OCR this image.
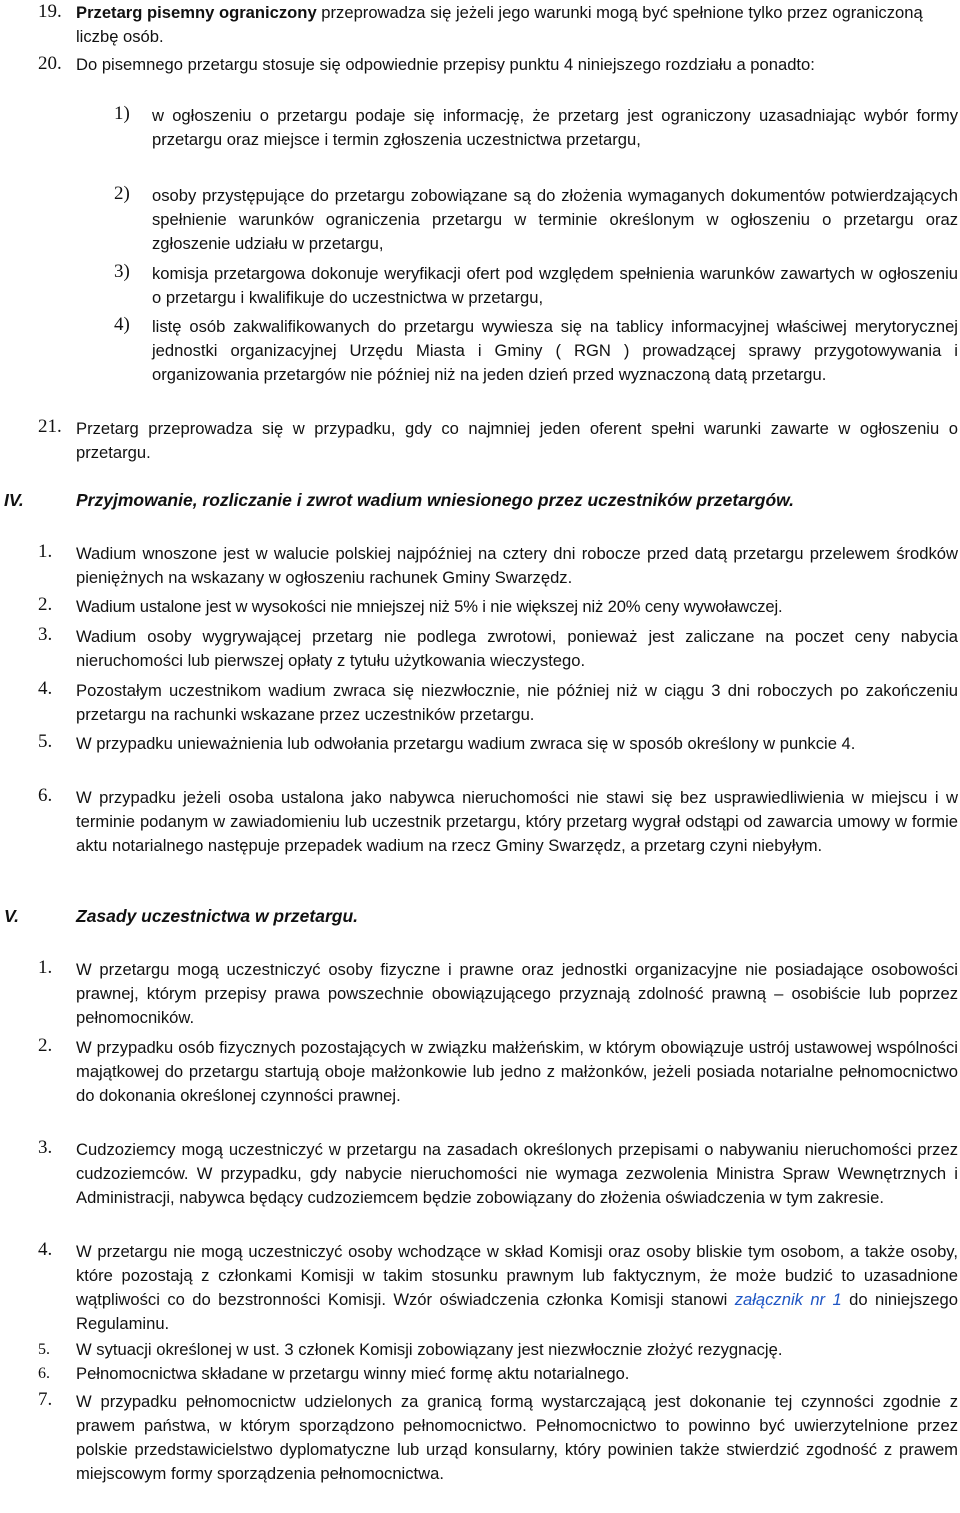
19. Przetarg pisemny ograniczony przeprowadza się jeżeli jego warunki mogą być spełnione tylko przez ograniczoną liczbę osób.
20. Do pisemnego przetargu stosuje się odpowiednie przepisy punktu 4 niniejszego rozdziału a ponadto:
1) w ogłoszeniu o przetargu podaje się informację, że przetarg jest ograniczony uzasadniając wybór formy przetargu oraz miejsce i termin zgłoszenia uczestnictwa przetargu,
2) osoby przystępujące do przetargu zobowiązane są do złożenia wymaganych dokumentów potwierdzających spełnienie warunków ograniczenia przetargu w terminie określonym w ogłoszeniu o przetargu oraz zgłoszenie udziału w przetargu,
3) komisja przetargowa dokonuje weryfikacji ofert pod względem spełnienia warunków zawartych w ogłoszeniu o przetargu i kwalifikuje do uczestnictwa w przetargu,
4) listę osób zakwalifikowanych do przetargu wywiesza się na tablicy informacyjnej właściwej merytorycznej jednostki organizacyjnej Urzędu Miasta i Gminy ( RGN ) prowadzącej sprawy przygotowywania i organizowania przetargów nie później niż na jeden dzień przed wyznaczoną datą przetargu.
21. Przetarg przeprowadza się w przypadku, gdy co najmniej jeden oferent spełni warunki zawarte w ogłoszeniu o przetargu.
IV.	Przyjmowanie, rozliczanie i zwrot wadium wniesionego przez uczestników przetargów.
1. Wadium wnoszone jest w walucie polskiej najpóźniej na cztery dni robocze przed datą przetargu przelewem środków pieniężnych na wskazany w ogłoszeniu rachunek Gminy Swarzędz.
2. Wadium ustalone jest w wysokości nie mniejszej niż 5% i nie większej niż 20% ceny wywoławczej.
3. Wadium osoby wygrywającej przetarg nie podlega zwrotowi, ponieważ jest zaliczane na poczet ceny nabycia nieruchomości lub pierwszej opłaty z tytułu użytkowania wieczystego.
4. Pozostałym uczestnikom wadium zwraca się niezwłocznie, nie później niż w ciągu 3 dni roboczych po zakończeniu przetargu na rachunki wskazane przez uczestników przetargu.
5. W przypadku unieważnienia lub odwołania przetargu wadium zwraca się w sposób określony w punkcie 4.
6. W przypadku jeżeli osoba ustalona jako nabywca nieruchomości nie stawi się bez usprawiedliwienia w miejscu i w terminie podanym w zawiadomieniu lub uczestnik przetargu, który przetarg wygrał odstąpi od zawarcia umowy w formie aktu notarialnego następuje przepadek wadium na rzecz Gminy Swarzędz, a przetarg czyni niebyłym.
V.	Zasady uczestnictwa w przetargu.
1. W przetargu mogą uczestniczyć osoby fizyczne i prawne oraz jednostki organizacyjne nie posiadające osobowości prawnej, którym przepisy prawa powszechnie obowiązującego przyznają zdolność prawną – osobiście lub poprzez pełnomocników.
2. W przypadku osób fizycznych pozostających w związku małżeńskim, w którym obowiązuje ustrój ustawowej wspólności majątkowej do przetargu startują oboje małżonkowie lub jedno z małżonków, jeżeli posiada notarialne pełnomocnictwo do dokonania określonej czynności prawnej.
3. Cudzoziemcy mogą uczestniczyć w przetargu na zasadach określonych przepisami o nabywaniu nieruchomości przez cudzoziemców. W przypadku, gdy nabycie nieruchomości nie wymaga zezwolenia Ministra Spraw Wewnętrznych i Administracji, nabywca będący cudzoziemcem będzie zobowiązany do złożenia oświadczenia w tym zakresie.
4. W przetargu nie mogą uczestniczyć osoby wchodzące w skład Komisji oraz osoby bliskie tym osobom, a także osoby, które pozostają z członkami Komisji w takim stosunku prawnym lub faktycznym, że może budzić to uzasadnione wątpliwości co do bezstronności Komisji. Wzór oświadczenia członka Komisji stanowi załącznik nr 1 do niniejszego Regulaminu.
5. W sytuacji określonej w ust. 3 członek Komisji zobowiązany jest niezwłocznie złożyć rezygnację.
6. Pełnomocnictwa składane w przetargu winny mieć formę aktu notarialnego.
7. W przypadku pełnomocnictw udzielonych za granicą formą wystarczającą jest dokonanie tej czynności zgodnie z prawem państwa, w którym sporządzono pełnomocnictwo. Pełnomocnictwo to powinno być uwierzytelnione przez polskie przedstawicielstwo dyplomatyczne lub urząd konsularny, który powinien także stwierdzić zgodność z prawem miejscowym formy sporządzenia pełnomocnictwa.
